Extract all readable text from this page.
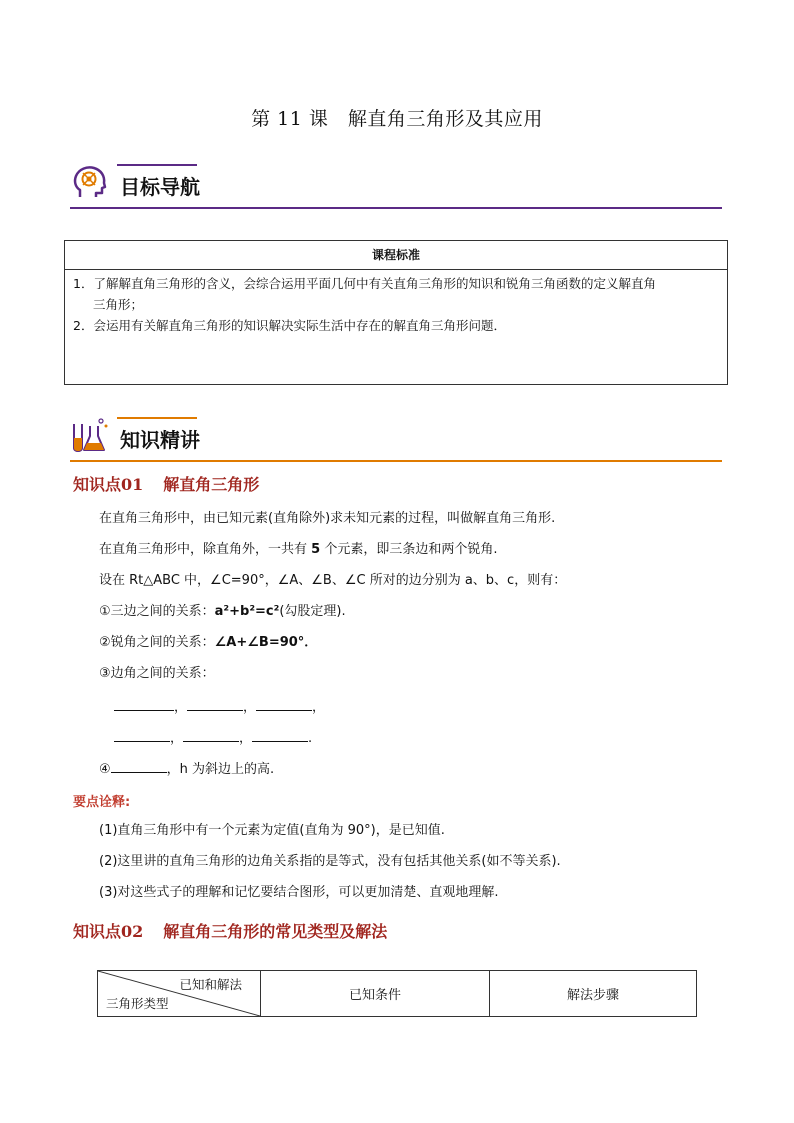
第 11 课　解直角三角形及其应用
目标导航
课程标准
1．了解解直角三角形的含义，会综合运用平面几何中有关直角三角形的知识和锐角三角函数的定义解直角
三角形；
2．会运用有关解直角三角形的知识解决实际生活中存在的解直角三角形问题．
知识精讲
知识点01 解直角三角形
在直角三角形中，由已知元素(直角除外)求未知元素的过程，叫做解直角三角形.
在直角三角形中，除直角外，一共有 5 个元素，即三条边和两个锐角.
设在 Rt△ABC 中，∠C=90°，∠A、∠B、∠C 所对的边分别为 a、b、c，则有：
①三边之间的关系：a²+b²=c²(勾股定理).
②锐角之间的关系：∠A+∠B=90°．
③边角之间的关系：
，	，	，
，	，	.
④	，h 为斜边上的高.
要点诠释:
(1)直角三角形中有一个元素为定值(直角为 90°)，是已知值.
(2)这里讲的直角三角形的边角关系指的是等式，没有包括其他关系(如不等关系).
(3)对这些式子的理解和记忆要结合图形，可以更加清楚、直观地理解.
知识点02 解直角三角形的常见类型及解法
已知和解法
三角形类型
	已知条件	解法步骤
